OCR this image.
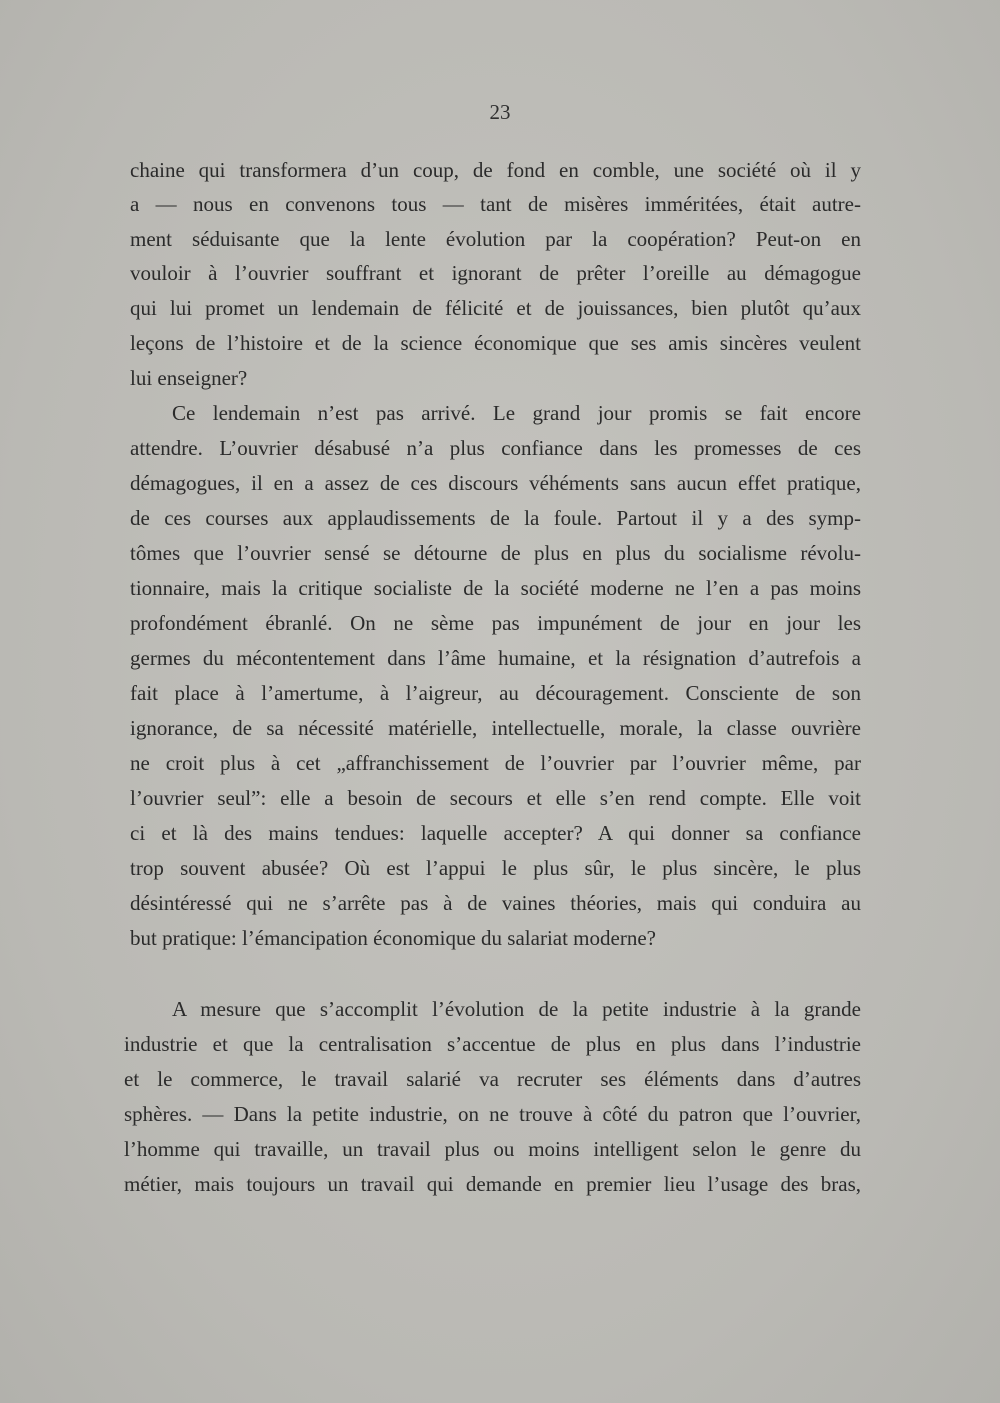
23
chaine qui transformera d’un coup, de fond en comble, une société où il y
a — nous en convenons tous — tant de misères imméritées, était autre-
ment séduisante que la lente évolution par la coopération? Peut-on en
vouloir à l’ouvrier souffrant et ignorant de prêter l’oreille au démagogue
qui lui promet un lendemain de félicité et de jouissances, bien plutôt qu’aux
leçons de l’histoire et de la science économique que ses amis sincères veulent
lui enseigner?
Ce lendemain n’est pas arrivé. Le grand jour promis se fait encore
attendre. L’ouvrier désabusé n’a plus confiance dans les promesses de ces
démagogues, il en a assez de ces discours véhéments sans aucun effet pratique,
de ces courses aux applaudissements de la foule. Partout il y a des symp-
tômes que l’ouvrier sensé se détourne de plus en plus du socialisme révolu-
tionnaire, mais la critique socialiste de la société moderne ne l’en a pas moins
profondément ébranlé. On ne sème pas impunément de jour en jour les
germes du mécontentement dans l’âme humaine, et la résignation d’autrefois a
fait place à l’amertume, à l’aigreur, au découragement. Consciente de son
ignorance, de sa nécessité matérielle, intellectuelle, morale, la classe ouvrière
ne croit plus à cet „affranchissement de l’ouvrier par l’ouvrier même, par
l’ouvrier seul”: elle a besoin de secours et elle s’en rend compte. Elle voit
ci et là des mains tendues: laquelle accepter? A qui donner sa confiance
trop souvent abusée? Où est l’appui le plus sûr, le plus sincère, le plus
désintéressé qui ne s’arrête pas à de vaines théories, mais qui conduira au
but pratique: l’émancipation économique du salariat moderne?
A mesure que s’accomplit l’évolution de la petite industrie à la grande
industrie et que la centralisation s’accentue de plus en plus dans l’industrie
et le commerce, le travail salarié va recruter ses éléments dans d’autres
sphères. — Dans la petite industrie, on ne trouve à côté du patron que l’ouvrier,
l’homme qui travaille, un travail plus ou moins intelligent selon le genre du
métier, mais toujours un travail qui demande en premier lieu l’usage des bras,
